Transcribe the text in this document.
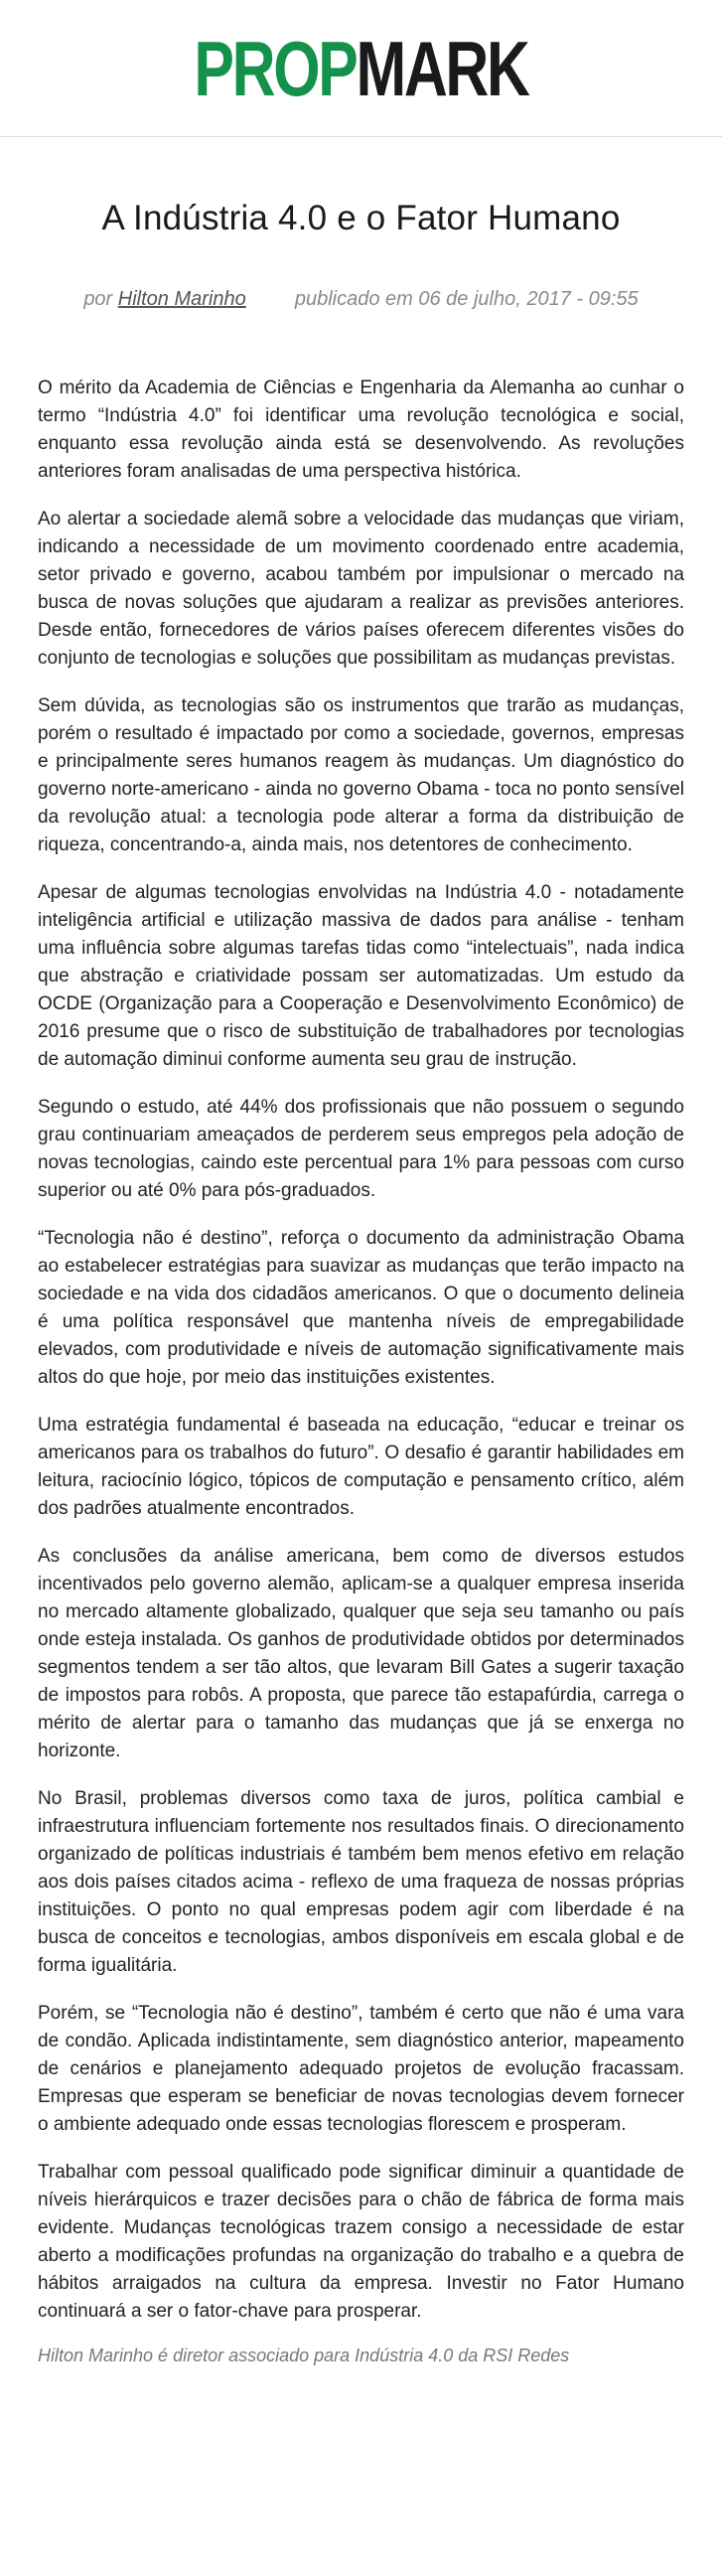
PROPMARK
A Indústria 4.0 e o Fator Humano
por Hilton Marinho publicado em 06 de julho, 2017 - 09:55

O mérito da Academia de Ciências e Engenharia da Alemanha ao cunhar o termo “Indústria 4.0” foi identificar uma revolução tecnológica e social, enquanto essa revolução ainda está se desenvolvendo. As revoluções anteriores foram analisadas de uma perspectiva histórica.

Ao alertar a sociedade alemã sobre a velocidade das mudanças que viriam, indicando a necessidade de um movimento coordenado entre academia, setor privado e governo, acabou também por impulsionar o mercado na busca de novas soluções que ajudaram a realizar as previsões anteriores. Desde então, fornecedores de vários países oferecem diferentes visões do conjunto de tecnologias e soluções que possibilitam as mudanças previstas.

Sem dúvida, as tecnologias são os instrumentos que trarão as mudanças, porém o resultado é impactado por como a sociedade, governos, empresas e principalmente seres humanos reagem às mudanças. Um diagnóstico do governo norte-americano - ainda no governo Obama - toca no ponto sensível da revolução atual: a tecnologia pode alterar a forma da distribuição de riqueza, concentrando-a, ainda mais, nos detentores de conhecimento.

Apesar de algumas tecnologias envolvidas na Indústria 4.0 - notadamente inteligência artificial e utilização massiva de dados para análise - tenham uma influência sobre algumas tarefas tidas como “intelectuais”, nada indica que abstração e criatividade possam ser automatizadas. Um estudo da OCDE (Organização para a Cooperação e Desenvolvimento Econômico) de 2016 presume que o risco de substituição de trabalhadores por tecnologias de automação diminui conforme aumenta seu grau de instrução.

Segundo o estudo, até 44% dos profissionais que não possuem o segundo grau continuariam ameaçados de perderem seus empregos pela adoção de novas tecnologias, caindo este percentual para 1% para pessoas com curso superior ou até 0% para pós-graduados.

“Tecnologia não é destino”, reforça o documento da administração Obama ao estabelecer estratégias para suavizar as mudanças que terão impacto na sociedade e na vida dos cidadãos americanos. O que o documento delineia é uma política responsável que mantenha níveis de empregabilidade elevados, com produtividade e níveis de automação significativamente mais altos do que hoje, por meio das instituições existentes.

Uma estratégia fundamental é baseada na educação, “educar e treinar os americanos para os trabalhos do futuro”. O desafio é garantir habilidades em leitura, raciocínio lógico, tópicos de computação e pensamento crítico, além dos padrões atualmente encontrados.

As conclusões da análise americana, bem como de diversos estudos incentivados pelo governo alemão, aplicam-se a qualquer empresa inserida no mercado altamente globalizado, qualquer que seja seu tamanho ou país onde esteja instalada. Os ganhos de produtividade obtidos por determinados segmentos tendem a ser tão altos, que levaram Bill Gates a sugerir taxação de impostos para robôs. A proposta, que parece tão estapafúrdia, carrega o mérito de alertar para o tamanho das mudanças que já se enxerga no horizonte.

No Brasil, problemas diversos como taxa de juros, política cambial e infraestrutura influenciam fortemente nos resultados finais. O direcionamento organizado de políticas industriais é também bem menos efetivo em relação aos dois países citados acima - reflexo de uma fraqueza de nossas próprias instituições. O ponto no qual empresas podem agir com liberdade é na busca de conceitos e tecnologias, ambos disponíveis em escala global e de forma igualitária.

Porém, se “Tecnologia não é destino”, também é certo que não é uma vara de condão. Aplicada indistintamente, sem diagnóstico anterior, mapeamento de cenários e planejamento adequado projetos de evolução fracassam. Empresas que esperam se beneficiar de novas tecnologias devem fornecer o ambiente adequado onde essas tecnologias florescem e prosperam.

Trabalhar com pessoal qualificado pode significar diminuir a quantidade de níveis hierárquicos e trazer decisões para o chão de fábrica de forma mais evidente. Mudanças tecnológicas trazem consigo a necessidade de estar aberto a modificações profundas na organização do trabalho e a quebra de hábitos arraigados na cultura da empresa. Investir no Fator Humano continuará a ser o fator-chave para prosperar.

Hilton Marinho é diretor associado para Indústria 4.0 da RSI Redes
